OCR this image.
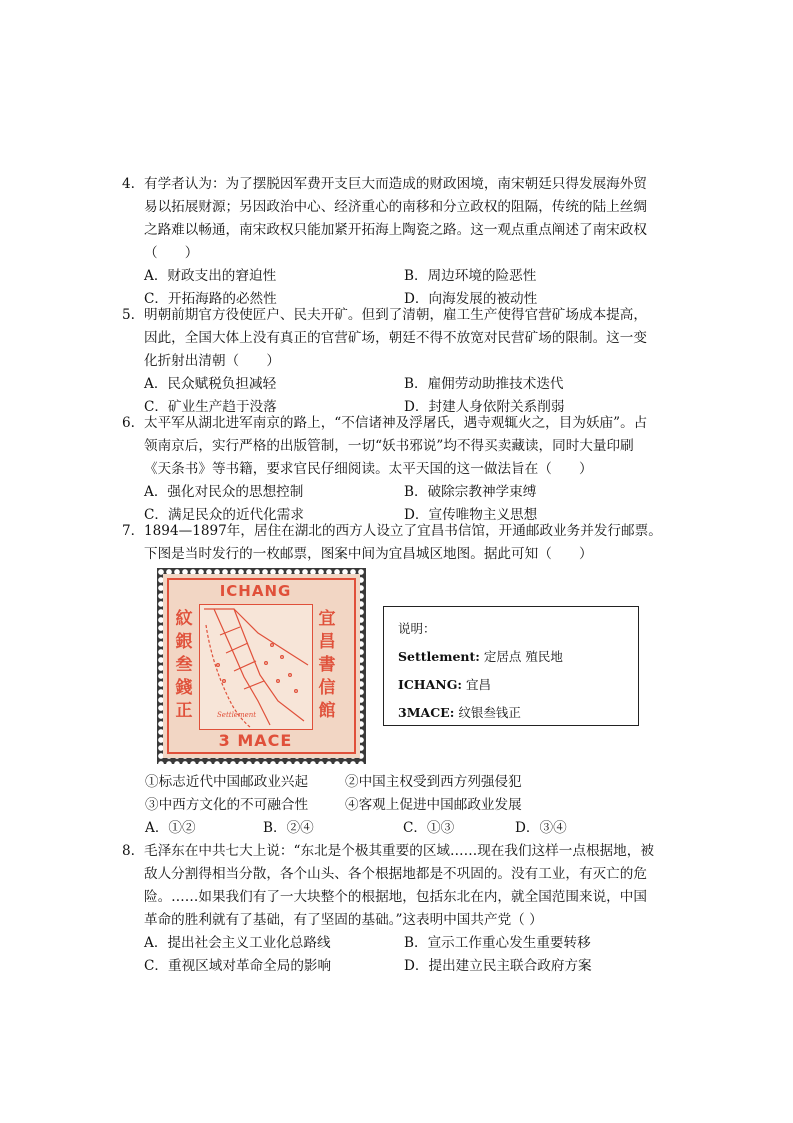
4. 有学者认为：为了摆脱因军费开支巨大而造成的财政困境，南宋朝廷只得发展海外贸
易以拓展财源；另因政治中心、经济重心的南移和分立政权的阻隔，传统的陆上丝绸
之路难以畅通，南宋政权只能加紧开拓海上陶瓷之路。这一观点重点阐述了南宋政权
（　　）
A．财政支出的窘迫性	B．周边环境的险恶性
C．开拓海路的必然性	D．向海发展的被动性
5. 明朝前期官方役使匠户、民夫开矿。但到了清朝，雇工生产使得官营矿场成本提高，
因此，全国大体上没有真正的官营矿场，朝廷不得不放宽对民营矿场的限制。这一变
化折射出清朝（　　）
A．民众赋税负担减轻	B．雇佣劳动助推技术迭代
C．矿业生产趋于没落	D．封建人身依附关系削弱
6. 太平军从湖北进军南京的路上，“不信诸神及浮屠氏，遇寺观辄火之，目为妖庙”。占
领南京后，实行严格的出版管制，一切“妖书邪说”均不得买卖藏读，同时大量印刷
《天条书》等书籍，要求官民仔细阅读。太平天国的这一做法旨在（　　）
A．强化对民众的思想控制	B．破除宗教神学束缚
C．满足民众的近代化需求	D．宣传唯物主义思想
7．1894—1897年，居住在湖北的西方人设立了宜昌书信馆，开通邮政业务并发行邮票。
下图是当时发行的一枚邮票，图案中间为宜昌城区地图。据此可知（　　）
ICHANG
紋
銀
叁
錢
正
宜
昌
書
信
館
Settlement
3 MACE
说明：
Settlement: 定居点 殖民地
ICHANG: 宜昌
3MACE: 纹银叁钱正
①标志近代中国邮政业兴起	②中国主权受到西方列强侵犯
③中西方文化的不可融合性	④客观上促进中国邮政业发展
A．①②	B．②④	C．①③	D．③④
8. 毛泽东在中共七大上说：“东北是个极其重要的区域……现在我们这样一点根据地，被
敌人分割得相当分散，各个山头、各个根据地都是不巩固的。没有工业，有灭亡的危
险。……如果我们有了一大块整个的根据地，包括东北在内，就全国范围来说，中国
革命的胜利就有了基础，有了坚固的基础。”这表明中国共产党（ ）
A．提出社会主义工业化总路线	B．宣示工作重心发生重要转移
C．重视区域对革命全局的影响	D．提出建立民主联合政府方案
